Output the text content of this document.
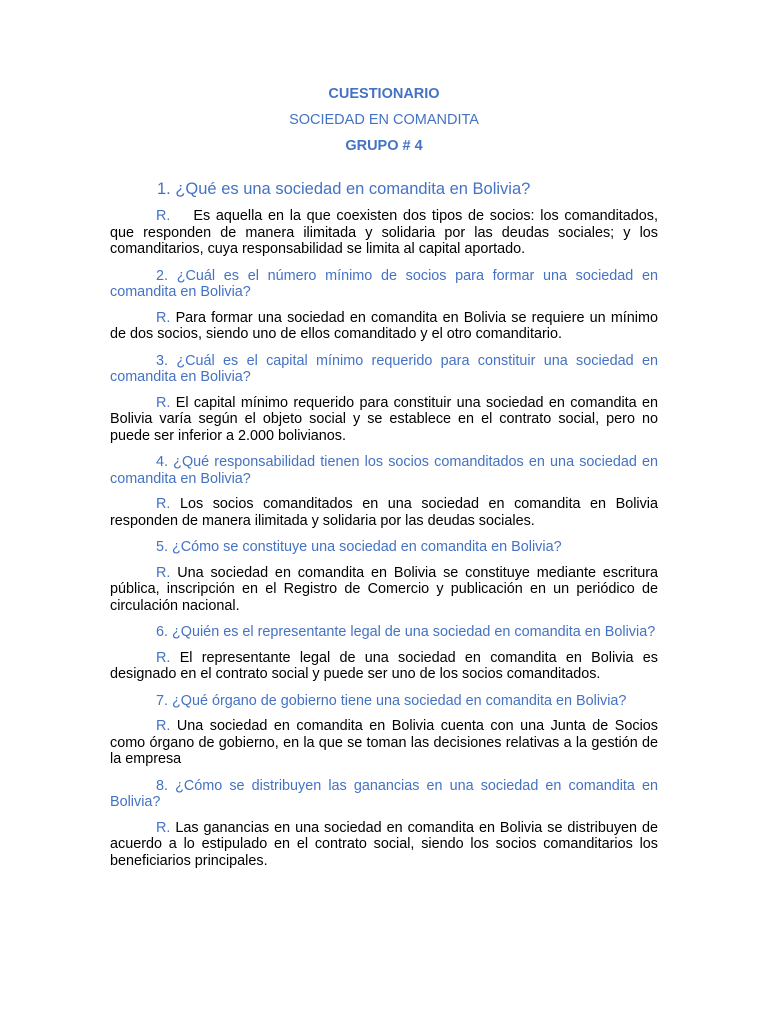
CUESTIONARIO
SOCIEDAD EN COMANDITA
GRUPO # 4
1. ¿Qué es una sociedad en comandita en Bolivia?

R. Es aquella en la que coexisten dos tipos de socios: los comanditados, que responden de manera ilimitada y solidaria por las deudas sociales; y los comanditarios, cuya responsabilidad se limita al capital aportado.

2. ¿Cuál es el número mínimo de socios para formar una sociedad en comandita en Bolivia?

R. Para formar una sociedad en comandita en Bolivia se requiere un mínimo de dos socios, siendo uno de ellos comanditado y el otro comanditario.

3. ¿Cuál es el capital mínimo requerido para constituir una sociedad en comandita en Bolivia?

R. El capital mínimo requerido para constituir una sociedad en comandita en Bolivia varía según el objeto social y se establece en el contrato social, pero no puede ser inferior a 2.000 bolivianos.

4. ¿Qué responsabilidad tienen los socios comanditados en una sociedad en comandita en Bolivia?

R. Los socios comanditados en una sociedad en comandita en Bolivia responden de manera ilimitada y solidaria por las deudas sociales.

5. ¿Cómo se constituye una sociedad en comandita en Bolivia?

R. Una sociedad en comandita en Bolivia se constituye mediante escritura pública, inscripción en el Registro de Comercio y publicación en un periódico de circulación nacional.

6. ¿Quién es el representante legal de una sociedad en comandita en Bolivia?

R. El representante legal de una sociedad en comandita en Bolivia es designado en el contrato social y puede ser uno de los socios comanditados.

7. ¿Qué órgano de gobierno tiene una sociedad en comandita en Bolivia?

R. Una sociedad en comandita en Bolivia cuenta con una Junta de Socios como órgano de gobierno, en la que se toman las decisiones relativas a la gestión de la empresa

8. ¿Cómo se distribuyen las ganancias en una sociedad en comandita en Bolivia?

R. Las ganancias en una sociedad en comandita en Bolivia se distribuyen de acuerdo a lo estipulado en el contrato social, siendo los socios comanditarios los beneficiarios principales.
